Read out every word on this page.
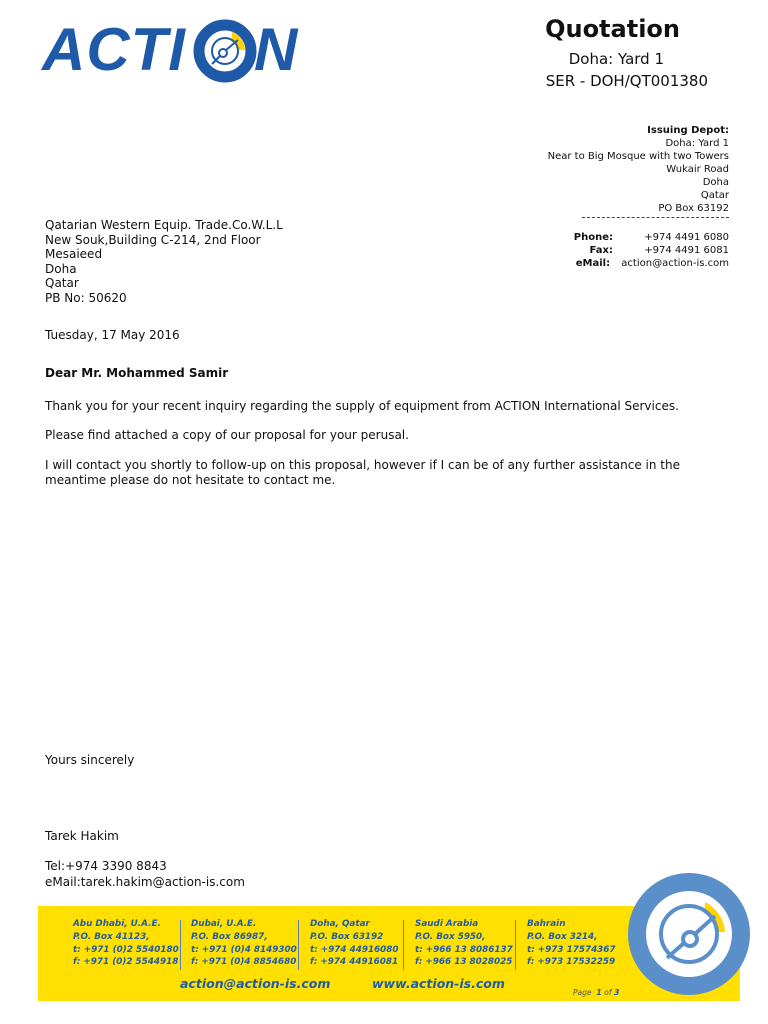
ACTI N	Quotation
Doha: Yard 1
SER - DOH/QT001380
Issuing Depot:
Doha: Yard 1
Near to Big Mosque with two Towers
Wukair Road
Doha
Qatar
PO Box 63192
Phone:	+974 4491 6080
Fax:	+974 4491 6081
eMail:
action@action-is.com
Qatarian Western Equip. Trade.Co.W.L.L
New Souk,Building C-214, 2nd Floor
Mesaieed
Doha
Qatar
PB No: 50620
Tuesday, 17 May 2016
Dear Mr. Mohammed Samir
Thank you for your recent inquiry regarding the supply of equipment from ACTION International Services.
Please find attached a copy of our proposal for your perusal.
I will contact you shortly to follow-up on this proposal, however if I can be of any further assistance in the meantime please do not hesitate to contact me.
Yours sincerely
Tarek Hakim
Tel:+974 3390 8843
eMail:tarek.hakim@action-is.com
Abu Dhabi, U.A.E.
P.O. Box 41123,
t: +971 (0)2 5540180
f: +971 (0)2 5544918
Dubai, U.A.E.
P.O. Box 86987,
t: +971 (0)4 8149300
f: +971 (0)4 8854680
Doha, Qatar
P.O. Box 63192
t: +974 44916080
f: +974 44916081
Saudi Arabia
P.O. Box 5950,
t: +966 13 8086137
f: +966 13 8028025
Bahrain
P.O. Box 3214,
t: +973 17574367
f: +973 17532259
action@action-is.com	www.action-is.com
Page 1 of 3
